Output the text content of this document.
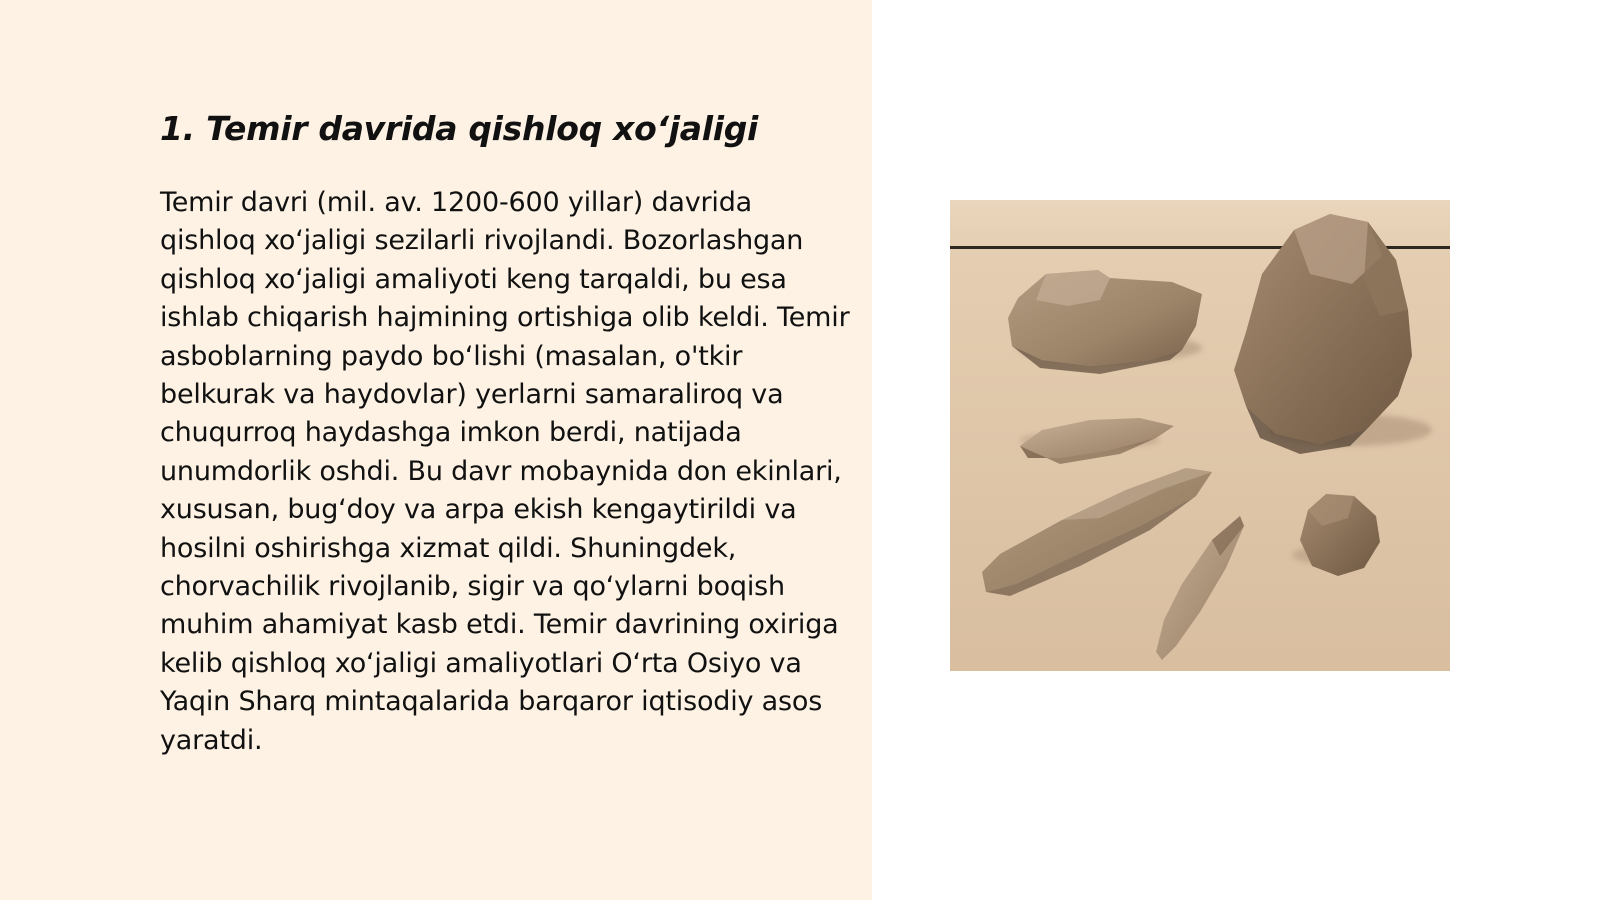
1. Temir davrida qishloq xo‘jaligi

Temir davri (mil. av. 1200-600 yillar) davrida qishloq xo‘jaligi sezilarli rivojlandi. Bozorlashgan qishloq xo‘jaligi amaliyoti keng tarqaldi, bu esa ishlab chiqarish hajmining ortishiga olib keldi. Temir asboblarning paydo bo‘lishi (masalan, o'tkir belkurak va haydovlar) yerlarni samaraliroq va chuqurroq haydashga imkon berdi, natijada unumdorlik oshdi. Bu davr mobaynida don ekinlari, xususan, bug‘doy va arpa ekish kengaytirildi va hosilni oshirishga xizmat qildi. Shuningdek, chorvachilik rivojlanib, sigir va qo‘ylarni boqish muhim ahamiyat kasb etdi. Temir davrining oxiriga kelib qishloq xo‘jaligi amaliyotlari O‘rta Osiyo va Yaqin Sharq mintaqalarida barqaror iqtisodiy asos yaratdi.
